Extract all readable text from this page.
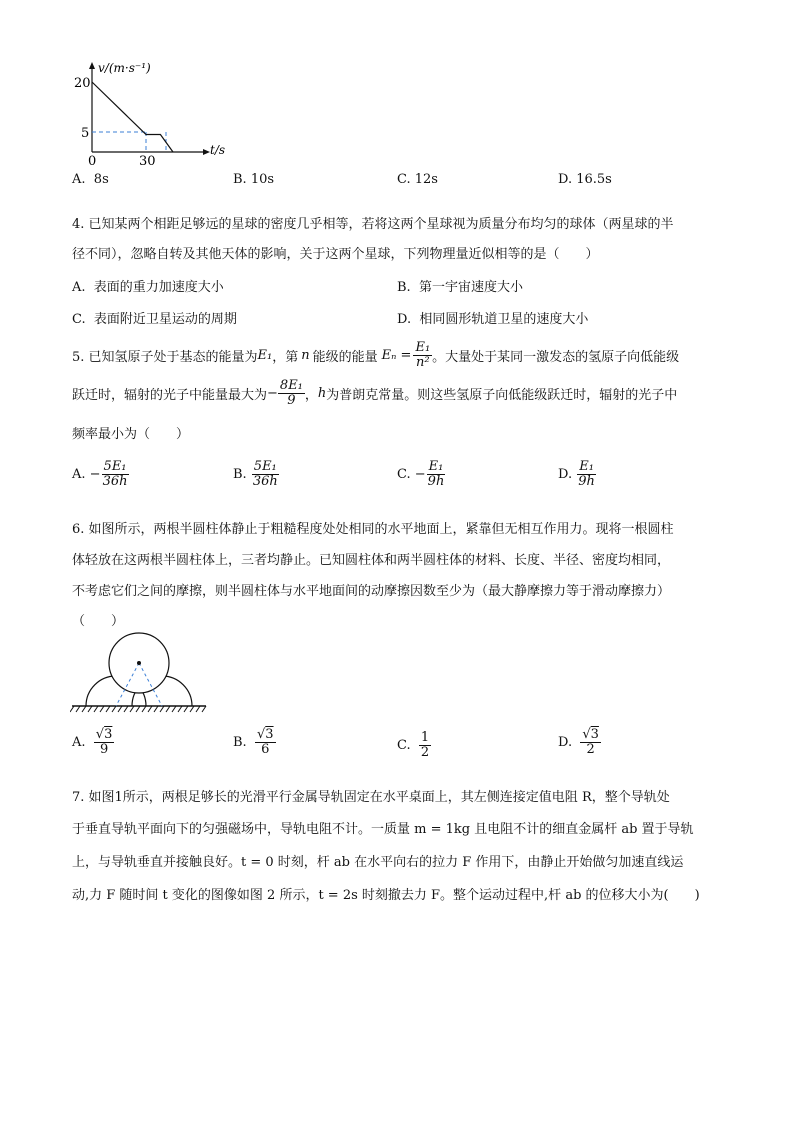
v/(m·s⁻¹)
t/s
20
5
0	30
A. 8s	B. 10s	C. 12s	D. 16.5s
4. 已知某两个相距足够远的星球的密度几乎相等，若将这两个星球视为质量分布均匀的球体（两星球的半
径不同），忽略自转及其他天体的影响，关于这两个星球，下列物理量近似相等的是（　　）
A. 表面的重力加速度大小	B. 第一宇宙速度大小
C. 表面附近卫星运动的周期	D. 相同圆形轨道卫星的速度大小
5. 已知氢原子处于基态的能量为 E₁ ，第 n 能级的能量 $E_n = \frac{\text{E₁}}{\text{n²}}$ 。大量处于某同一激发态的氢原子向低能级
跃迁时，辐射的光子中能量最大为 − $\frac{\text{8E₁}}{9}$ ， h 为普朗克常量。则这些氢原子向低能级跃迁时，辐射的光子中
频率最小为（　　）
A.
− $\frac{\text{5E₁}}{36h}$	B.
$\frac{\text{5E₁}}{36h}$	C.
− $\frac{\text{E₁}}{9h}$	D.
$\frac{\text{E₁}}{9h}$
6. 如图所示，两根半圆柱体静止于粗糙程度处处相同的水平地面上，紧靠但无相互作用力。现将一根圆柱
体轻放在这两根半圆柱体上，三者均静止。已知圆柱体和两半圆柱体的材料、长度、半径、密度均相同，
不考虑它们之间的摩擦，则半圆柱体与水平地面间的动摩擦因数至少为（最大静摩擦力等于滑动摩擦力）
（　　）
A.
$\frac{√3}{9}$	B.
$\frac{√3}{6}$	C.
$\frac{1}{2}$	D.
$\frac{√3}{2}$
7. 如图1所示，两根足够长的光滑平行金属导轨固定在水平桌面上，其左侧连接定值电阻 R，整个导轨处
于垂直导轨平面向下的匀强磁场中，导轨电阻不计。一质量 m = 1kg 且电阻不计的细直金属杆 ab 置于导轨
上，与导轨垂直并接触良好。t = 0 时刻，杆 ab 在水平向右的拉力 F 作用下，由静止开始做匀加速直线运
动,力 F 随时间 t 变化的图像如图 2 所示，t = 2s 时刻撤去力 F。整个运动过程中,杆 ab 的位移大小为(　　)
